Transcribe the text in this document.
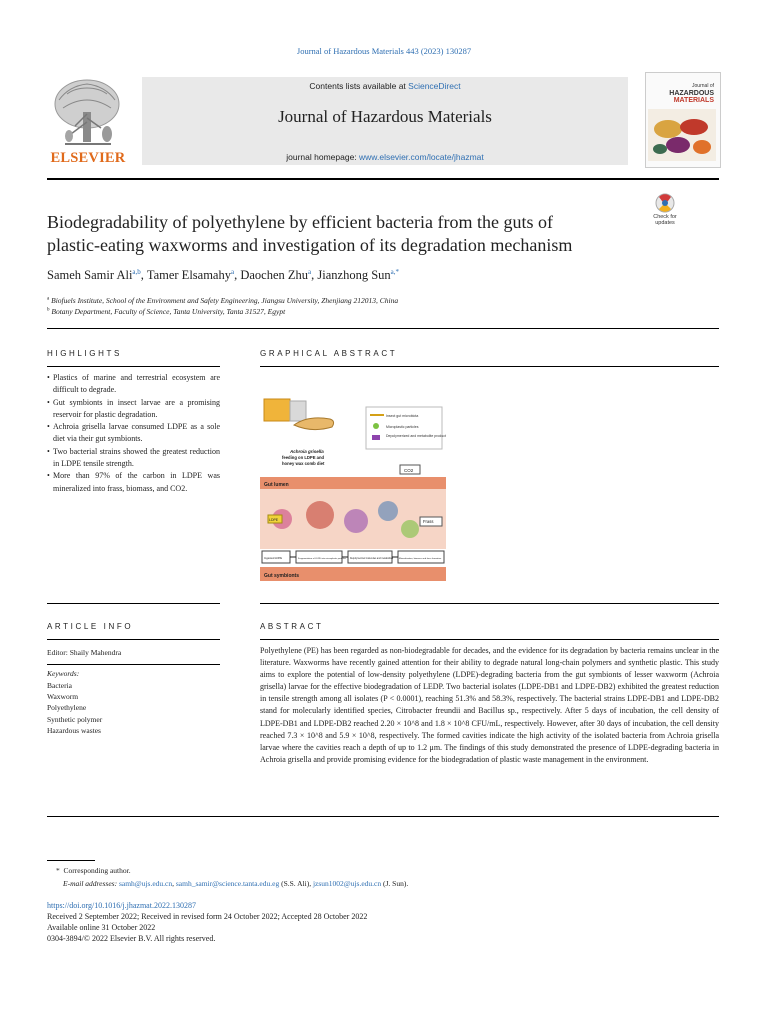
Journal of Hazardous Materials 443 (2023) 130287
ELSEVIER
Contents lists available at ScienceDirect
Journal of Hazardous Materials
journal homepage: www.elsevier.com/locate/jhazmat
Journal of
HAZARDOUS
MATERIALS
Biodegradability of polyethylene by efficient bacteria from the guts of
plastic-eating waxworms and investigation of its degradation mechanism
Check for
updates
Sameh Samir Ali$^{a,b}$, Tamer Elsamahy$^a$, Daochen Zhu$^a$, Jianzhong Sun$^{a,*}$
$^a$ Biofuels Institute, School of the Environment and Safety Engineering, Jiangsu University, Zhenjiang 212013, China
$^b$ Botany Department, Faculty of Science, Tanta University, Tanta 31527, Egypt
HIGHLIGHTS
• Plastics of marine and terrestrial ecosystem are difficult to degrade.
• Gut symbionts in insect larvae are a promising reservoir for plastic degradation.
• Achroia grisella larvae consumed LDPE as a sole diet via their gut symbionts.
• Two bacterial strains showed the greatest reduction in LDPE tensile strength.
• More than 97% of the carbon in LDPE was mineralized into frass, biomass, and CO2.
GRAPHICAL ABSTRACT
Insect gut microbiota
Microplastic particles
Depolymerized and metabolite products
Achroia grisella
feeding on LDPE and
honey wax comb diet
CO2
Gut lumen
LDPE	Frass
Ingested LDPE	Fragmentation of LDPE into microplastic particles	Depolymerized molecules and metabolites	Mineralization, biomass and frass formation
Gut symbionts
ARTICLE INFO
Editor: Shaily Mahendra
Keywords:
Bacteria
Waxworm
Polyethylene
Synthetic polymer
Hazardous wastes
ABSTRACT
Polyethylene (PE) has been regarded as non-biodegradable for decades, and the evidence for its degradation by bacteria remains unclear in the literature. Waxworms have recently gained attention for their ability to degrade natural long-chain polymers and synthetic plastic. This study aims to explore the potential of low-density polyethylene (LDPE)-degrading bacteria from the gut symbionts of lesser waxworm (Achroia grisella) larvae for the effective biodegradation of LEDP. Two bacterial isolates (LDPE-DB1 and LDPE-DB2) exhibited the greatest reduction in tensile strength among all isolates (P < 0.0001), reaching 51.3% and 58.3%, respectively. The bacterial strains LDPE-DB1 and LDPE-DB2 stand for molecularly identified species, Citrobacter freundii and Bacillus sp., respectively. After 5 days of incubation, the cell density of LDPE-DB1 and LDPE-DB2 reached 2.20 × 10^8 and 1.8 × 10^8 CFU/mL, respectively. However, after 30 days of incubation, the cell density reached 7.3 × 10^8 and 5.9 × 10^8, respectively. The formed cavities indicate the high activity of the isolated bacteria from Achroia grisella larvae where the cavities reach a depth of up to 1.2 μm. The findings of this study demonstrated the presence of LDPE-degrading bacteria in Achroia grisella and provide promising evidence for the biodegradation of plastic waste management in the environment.
*  Corresponding author.
E-mail addresses: samh@ujs.edu.cn, samh_samir@science.tanta.edu.eg (S.S. Ali), jzsun1002@ujs.edu.cn (J. Sun).
https://doi.org/10.1016/j.jhazmat.2022.130287
Received 2 September 2022; Received in revised form 24 October 2022; Accepted 28 October 2022
Available online 31 October 2022
0304-3894/© 2022 Elsevier B.V. All rights reserved.
